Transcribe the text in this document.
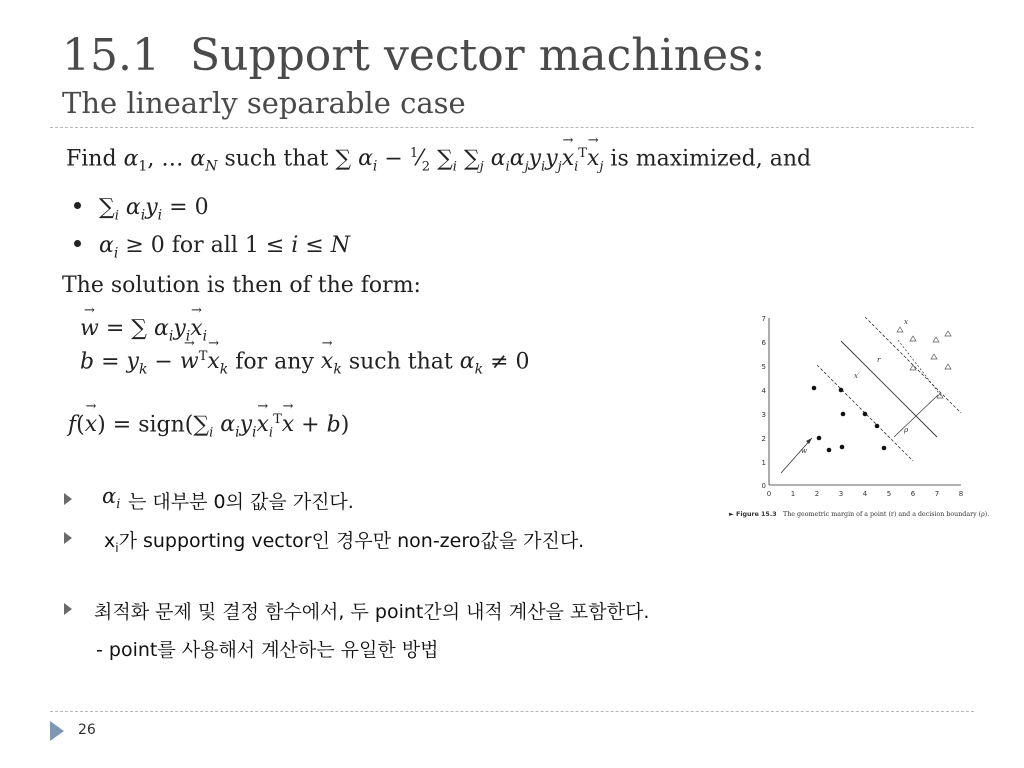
15.1 Support vector machines:
The linearly separable case
Find $\alpha_1$, … $\alpha_N$ such that ∑ $\alpha_i$ − $^1⁄_2$ $\sum_i$ $\sum_j$ $\alpha_i\alpha_jy_iy_j\to x_i^T\to x_j$ is maximized, and
$\sum_i$ $\alpha_iy_i = 0$
$\alpha_i \ge 0$ for all 1 ≤ i ≤ N
The solution is then of the form:
→ w = ∑ $\alpha_iy_i\to x_i$
$b = y_k$ − → $w^T\to x_k$ for any → $x_k$ such that $\alpha_k \ne 0$
$f(\to x) = sign(\sum_i$ $\alpha_iy_i\to x_i^T\to x + b$)
0
1
2
3
4
5
6
7
0	1	2	3	4	5	6	7	8
x
r
x′
w
ρ
► Figure 15.3 The geometric margin of a point (r) and a decision boundary (ρ).
$\alpha_i$ 는 대부분 0의 값을 가진다.
$x_i$가 supporting vector인 경우만 non-zero값을 가진다.
최적화 문제 및 결정 함수에서, 두 point간의 내적 계산을 포함한다.
- point를 사용해서 계산하는 유일한 방법
26
